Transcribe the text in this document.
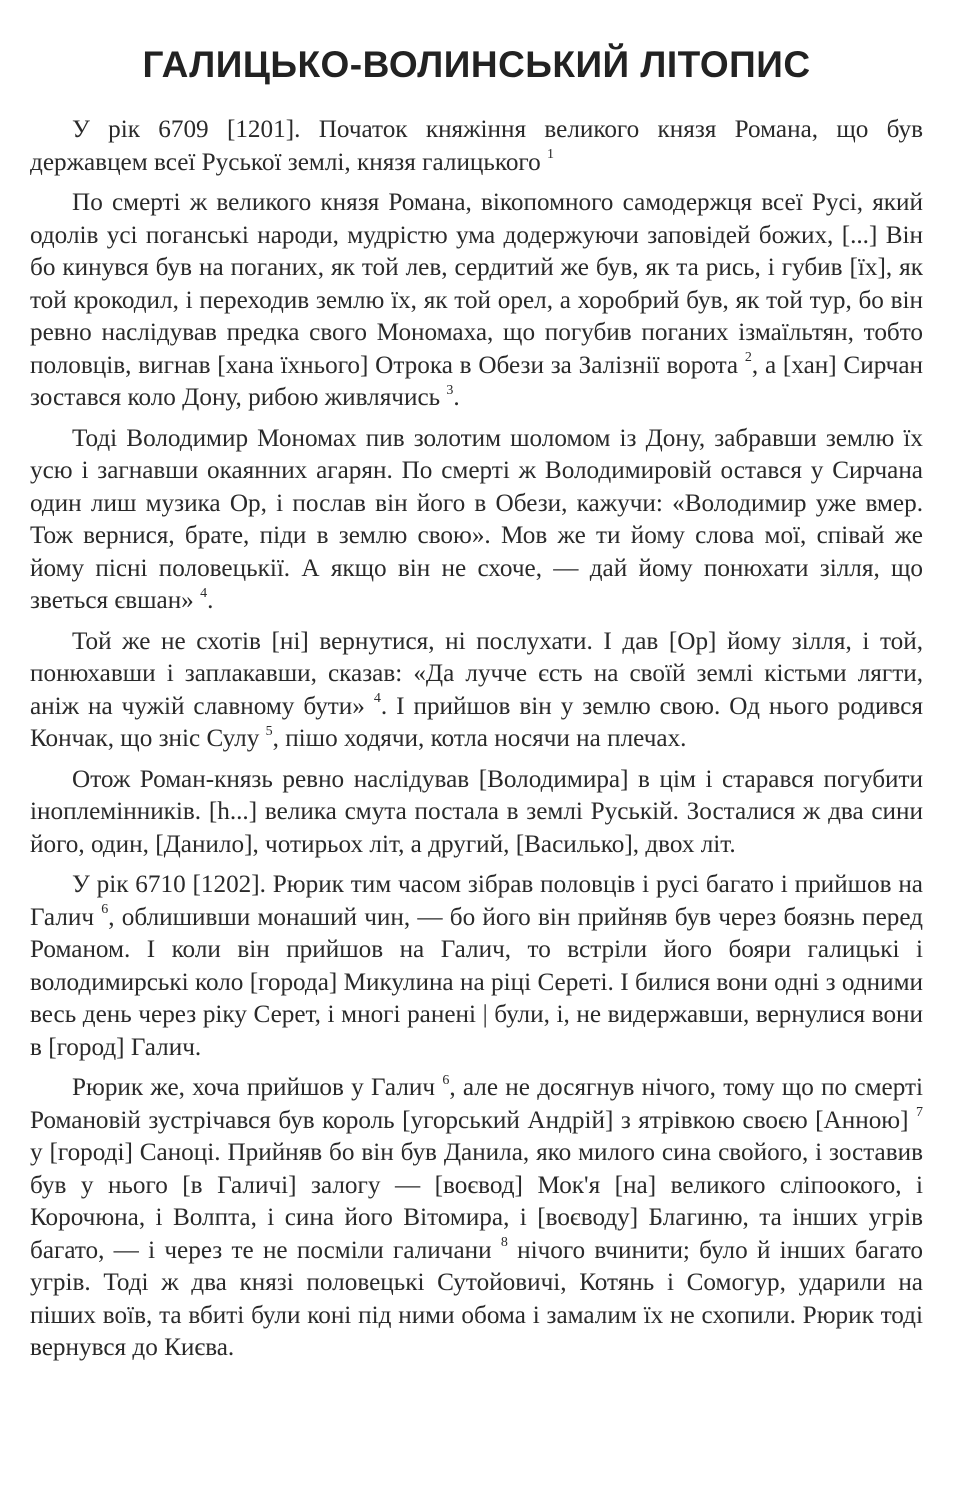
ГАЛИЦЬКО-ВОЛИНСЬКИЙ ЛІТОПИС

У рік 6709 [1201]. Початок княжіння великого князя Романа, що був державцем всеї Руської землі, князя галицького $^1$

По смерті ж великого князя Романа, вікопомного самодержця всеї Русі, який одолів усі поганські народи, мудрістю ума додержуючи заповідей божих, [...] Він бо кинувся був на поганих, як той лев, сердитий же був, як та рись, і губив [їх], як той крокодил, і переходив землю їх, як той орел, а хоробрий був, як той тур, бо він ревно наслідував предка свого Мономаха, що погубив поганих ізмаїльтян, тобто половців, вигнав [хана їхнього] Отрока в Обези за Залізнії ворота $^2$, а [хан] Сирчан зостався коло Дону, рибою живлячись $^3$.

Тоді Володимир Мономах пив золотим шоломом із Дону, забравши землю їх усю і загнавши окаянних агарян. По смерті ж Володимировій остався у Сирчана один лиш музика Ор, і послав він його в Обези, кажучи: «Володимир уже вмер. Тож вернися, брате, піди в землю свою». Мов же ти йому слова мої, співай же йому пісні половецькії. А якщо він не схоче, — дай йому понюхати зілля, що зветься євшан» $^4$.

Той же не схотів [ні] вернутися, ні послухати. І дав [Ор] йому зілля, і той, понюхавши і заплакавши, сказав: «Да лучче єсть на своїй землі кістьми лягти, аніж на чужій славному бути» $^4$. І прийшов він у землю свою. Од нього родився Кончак, що зніс Сулу $^5$, пішо ходячи, котла носячи на плечах.

Отож Роман-князь ревно наслідував [Володимира] в цім і старався погубити іноплемінників. [h...] велика смута постала в землі Руській. Зосталися ж два сини його, один, [Данило], чотирьох літ, а другий, [Василько], двох літ.

У рік 6710 [1202]. Рюрик тим часом зібрав половців і русі багато і прийшов на Галич $^6$, облишивши монаший чин, — бо його він прийняв був через боязнь перед Романом. І коли він прийшов на Галич, то встріли його бояри галицькі і володимирські коло [города] Микулина на ріці Сереті. І билися вони одні з одними весь день через ріку Серет, і многі ранені | були, і, не видержавши, вернулися вони в [город] Галич.

Рюрик же, хоча прийшов у Галич $^6$, але не досягнув нічого, тому що по смерті Романовій зустрічався був король [угорський Андрій] з ятрівкою своєю [Анною] $^7$ у [городі] Саноці. Прийняв бо він був Данила, яко милого сина свойого, і зоставив був у нього [в Галичі] залогу — [воєвод] Мок'я [на] великого сліпоокого, і Корочюна, і Волпта, і сина його Вітомира, і [воєводу] Благиню, та інших угрів багато, — і через те не посміли галичани $^8$ нічого вчинити; було й інших багато угрів. Тоді ж два князі половецькі Сутойовичі, Котянь і Сомогур, ударили на піших воїв, та вбиті були коні під ними обома і замалим їх не схопили. Рюрик тоді вернувся до Києва.
